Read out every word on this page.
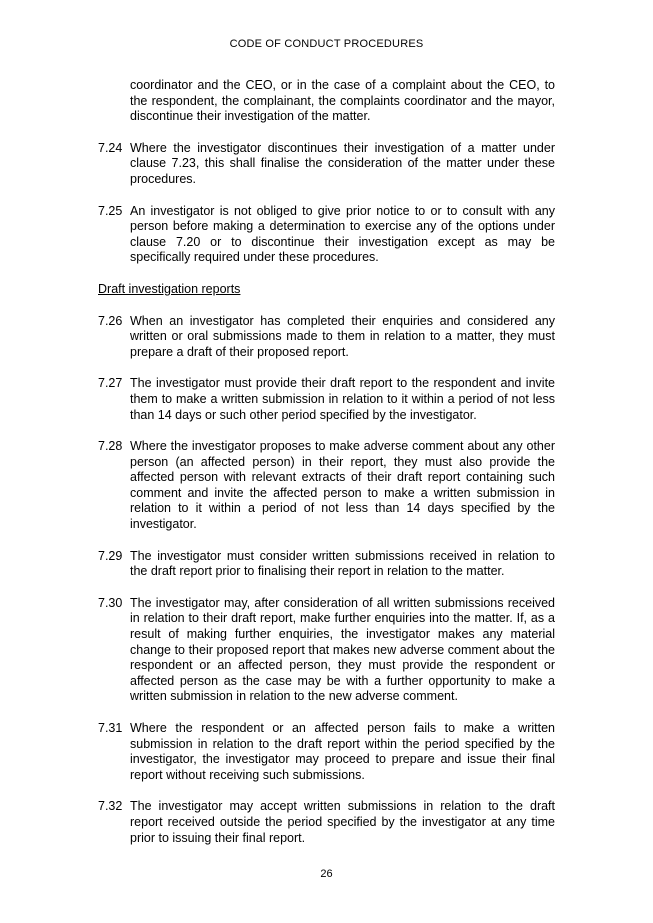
CODE OF CONDUCT PROCEDURES
coordinator and the CEO, or in the case of a complaint about the CEO, to the respondent, the complainant, the complaints coordinator and the mayor, discontinue their investigation of the matter.
7.24 Where the investigator discontinues their investigation of a matter under clause 7.23, this shall finalise the consideration of the matter under these procedures.
7.25 An investigator is not obliged to give prior notice to or to consult with any person before making a determination to exercise any of the options under clause 7.20 or to discontinue their investigation except as may be specifically required under these procedures.
Draft investigation reports
7.26 When an investigator has completed their enquiries and considered any written or oral submissions made to them in relation to a matter, they must prepare a draft of their proposed report.
7.27 The investigator must provide their draft report to the respondent and invite them to make a written submission in relation to it within a period of not less than 14 days or such other period specified by the investigator.
7.28 Where the investigator proposes to make adverse comment about any other person (an affected person) in their report, they must also provide the affected person with relevant extracts of their draft report containing such comment and invite the affected person to make a written submission in relation to it within a period of not less than 14 days specified by the investigator.
7.29 The investigator must consider written submissions received in relation to the draft report prior to finalising their report in relation to the matter.
7.30 The investigator may, after consideration of all written submissions received in relation to their draft report, make further enquiries into the matter. If, as a result of making further enquiries, the investigator makes any material change to their proposed report that makes new adverse comment about the respondent or an affected person, they must provide the respondent or affected person as the case may be with a further opportunity to make a written submission in relation to the new adverse comment.
7.31 Where the respondent or an affected person fails to make a written submission in relation to the draft report within the period specified by the investigator, the investigator may proceed to prepare and issue their final report without receiving such submissions.
7.32 The investigator may accept written submissions in relation to the draft report received outside the period specified by the investigator at any time prior to issuing their final report.
26
